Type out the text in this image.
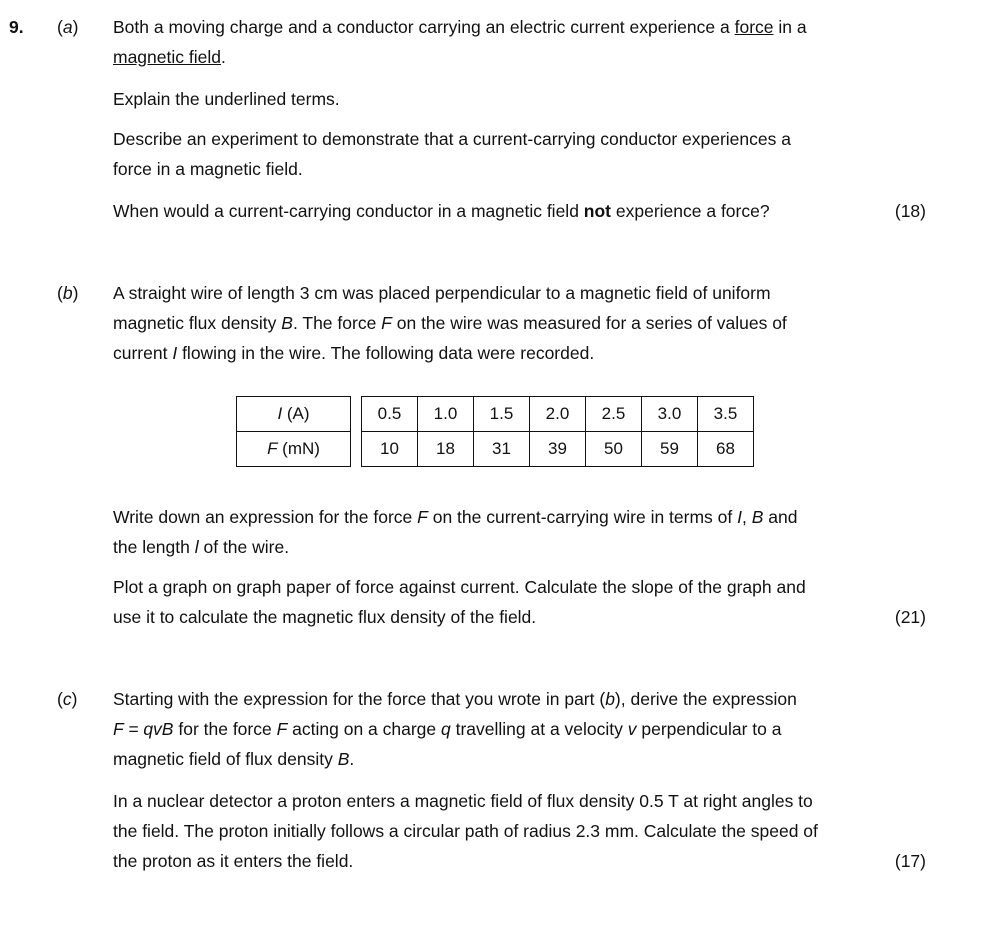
9. (a) Both a moving charge and a conductor carrying an electric current experience a force in a
magnetic field.
Explain the underlined terms.
Describe an experiment to demonstrate that a current-carrying conductor experiences a
force in a magnetic field.
When would a current-carrying conductor in a magnetic field not experience a force?	(18)
(b) A straight wire of length 3 cm was placed perpendicular to a magnetic field of uniform
magnetic flux density B. The force F on the wire was measured for a series of values of
current I flowing in the wire. The following data were recorded.
I (A)		0.5	1.0	1.5	2.0	2.5	3.0	3.5
F (mN)		10	18	31	39	50	59	68
Write down an expression for the force F on the current-carrying wire in terms of I, B and
the length l of the wire.
Plot a graph on graph paper of force against current. Calculate the slope of the graph and
use it to calculate the magnetic flux density of the field.	(21)
(c) Starting with the expression for the force that you wrote in part (b), derive the expression
F = qvB for the force F acting on a charge q travelling at a velocity v perpendicular to a
magnetic field of flux density B.
In a nuclear detector a proton enters a magnetic field of flux density 0.5 T at right angles to
the field. The proton initially follows a circular path of radius 2.3 mm. Calculate the speed of
the proton as it enters the field.	(17)
